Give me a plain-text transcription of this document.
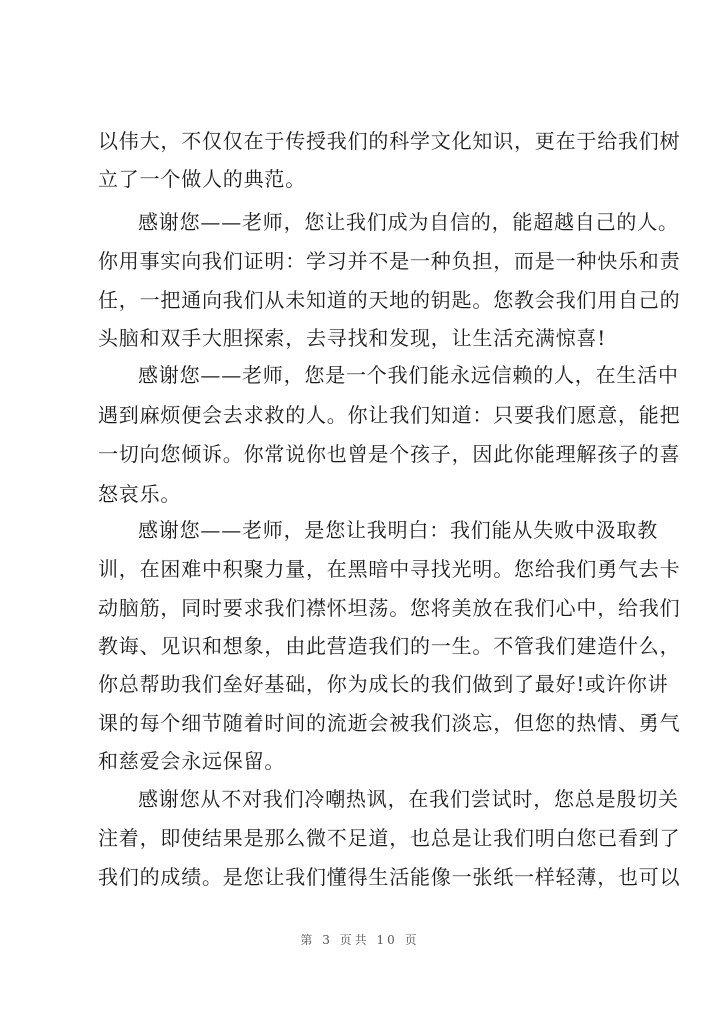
以伟大，不仅仅在于传授我们的科学文化知识，更在于给我们树
立了一个做人的典范。
感谢您——老师，您让我们成为自信的，能超越自己的人。
你用事实向我们证明：学习并不是一种负担，而是一种快乐和责
任，一把通向我们从未知道的天地的钥匙。您教会我们用自己的
头脑和双手大胆探索，去寻找和发现，让生活充满惊喜!
感谢您——老师，您是一个我们能永远信赖的人，在生活中
遇到麻烦便会去求救的人。你让我们知道：只要我们愿意，能把
一切向您倾诉。你常说你也曾是个孩子，因此你能理解孩子的喜
怒哀乐。
感谢您——老师，是您让我明白：我们能从失败中汲取教
训，在困难中积聚力量，在黑暗中寻找光明。您给我们勇气去卡
动脑筋，同时要求我们襟怀坦荡。您将美放在我们心中，给我们
教诲、见识和想象，由此营造我们的一生。不管我们建造什么，
你总帮助我们垒好基础，你为成长的我们做到了最好!或许你讲
课的每个细节随着时间的流逝会被我们淡忘，但您的热情、勇气
和慈爱会永远保留。
感谢您从不对我们冷嘲热讽，在我们尝试时，您总是殷切关
注着，即使结果是那么微不足道，也总是让我们明白您已看到了
我们的成绩。是您让我们懂得生活能像一张纸一样轻薄，也可以
第 3 页共 10 页
